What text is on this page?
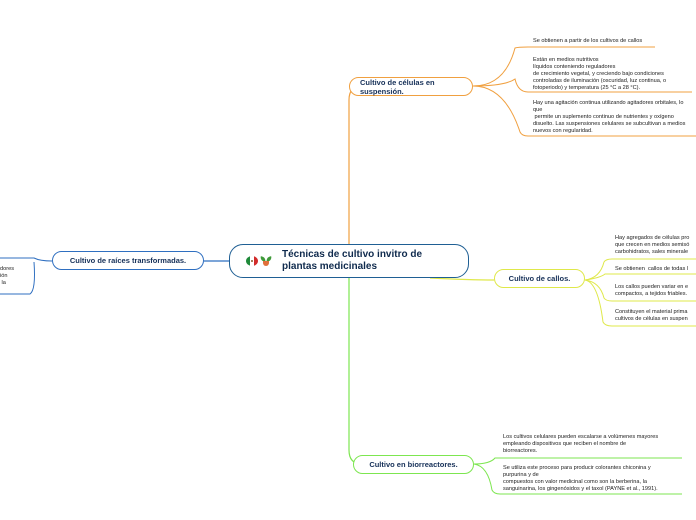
Técnicas de cultivo invitro de
plantas medicinales
Cultivo de células en suspensión.
Cultivo de callos.
Cultivo en biorreactores.
Cultivo de raíces transformadas.
Se obtienen a partir de los cultivos de callos
Están en medios nutritivos
líquidos conteniendo reguladores
de crecimiento vegetal, y creciendo bajo condiciones
controladas de iluminación (oscuridad, luz continua, o
fotoperiodo) y temperatura (25 °C a 28 °C).
Hay una agitación continua utilizando agitadores orbitales, lo
que
permite un suplemento continuo de nutrientes y oxígeno
disuelto. Las suspensiones celulares se subcultivan a medios
nuevos con regularidad.
Hay agregados de células pro
que crecen en medios semisó
carbohidratos, sales minerale
Se obtienen  callos de todas l
Los callos pueden variar en e
compactos, a tejidos friables.
Constituyen el material prima
cultivos de células en suspen
Los cultivos celulares pueden escalarse a volúmenes mayores
empleando dispositivos que reciben el nombre de
biorreactores.
Se utiliza este proceso para producir colorantes chiconina y
purpurina y de
compuestos con valor medicinal como son la berberina, la
sanguinarina, los gingenósidos y el taxol (PAYNE et al., 1991).
dores
ión
la
